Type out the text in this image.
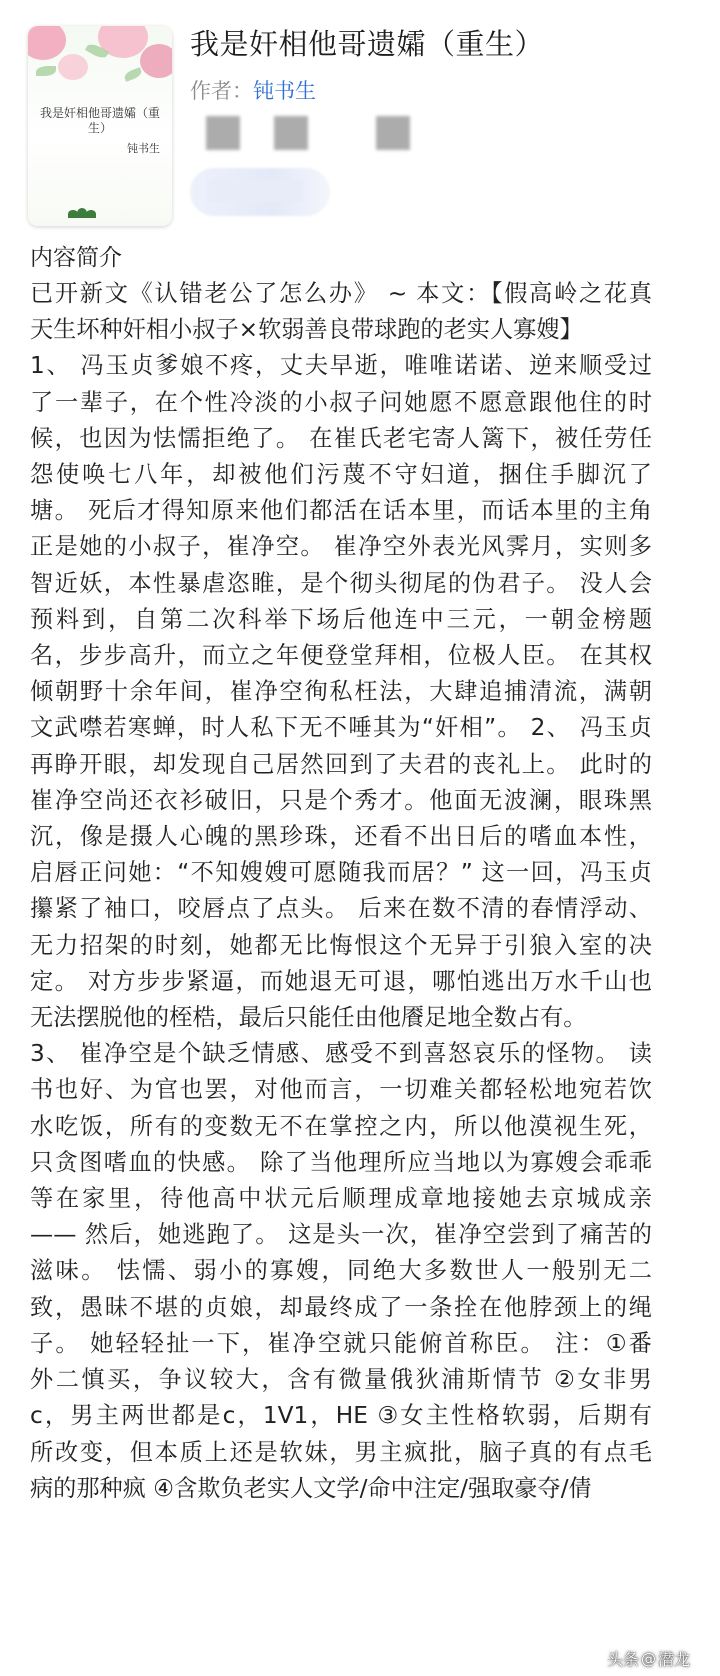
我是奸相他哥遗孀（重生）
钝书生
我是奸相他哥遗孀（重生）
作者：钝书生
内容简介
已开新文《认错老公了怎么办》 ~ 本文：【假高岭之花真
天生坏种奸相小叔子×软弱善良带球跑的老实人寡嫂】
1、 冯玉贞爹娘不疼，丈夫早逝，唯唯诺诺、逆来顺受过
了一辈子，在个性冷淡的小叔子问她愿不愿意跟他住的时
候，也因为怯懦拒绝了。 在崔氏老宅寄人篱下，被任劳任
怨使唤七八年，却被他们污蔑不守妇道，捆住手脚沉了
塘。 死后才得知原来他们都活在话本里，而话本里的主角
正是她的小叔子，崔净空。 崔净空外表光风霁月，实则多
智近妖，本性暴虐恣睢，是个彻头彻尾的伪君子。 没人会
预料到，自第二次科举下场后他连中三元，一朝金榜题
名，步步高升，而立之年便登堂拜相，位极人臣。 在其权
倾朝野十余年间，崔净空徇私枉法，大肆追捕清流，满朝
文武噤若寒蝉，时人私下无不唾其为“奸相”。 2、 冯玉贞
再睁开眼，却发现自己居然回到了夫君的丧礼上。 此时的
崔净空尚还衣衫破旧，只是个秀才。他面无波澜，眼珠黑
沉，像是摄人心魄的黑珍珠，还看不出日后的嗜血本性，
启唇正问她：“不知嫂嫂可愿随我而居？” 这一回，冯玉贞
攥紧了袖口，咬唇点了点头。 后来在数不清的春情浮动、
无力招架的时刻，她都无比悔恨这个无异于引狼入室的决
定。 对方步步紧逼，而她退无可退，哪怕逃出万水千山也
无法摆脱他的桎梏，最后只能任由他餍足地全数占有。
3、 崔净空是个缺乏情感、感受不到喜怒哀乐的怪物。 读
书也好、为官也罢，对他而言，一切难关都轻松地宛若饮
水吃饭，所有的变数无不在掌控之内，所以他漠视生死，
只贪图嗜血的快感。 除了当他理所应当地以为寡嫂会乖乖
等在家里，待他高中状元后顺理成章地接她去京城成亲
—— 然后，她逃跑了。 这是头一次，崔净空尝到了痛苦的
滋味。 怯懦、弱小的寡嫂，同绝大多数世人一般别无二
致，愚昧不堪的贞娘，却最终成了一条拴在他脖颈上的绳
子。 她轻轻扯一下，崔净空就只能俯首称臣。 注：①番
外二慎买，争议较大，含有微量俄狄浦斯情节 ②女非男
c，男主两世都是c，1V1，HE ③女主性格软弱，后期有
所改变，但本质上还是软妹，男主疯批，脑子真的有点毛
病的那种疯 ④含欺负老实人文学/命中注定/强取豪夺/倩
头条 @ 潜龙
